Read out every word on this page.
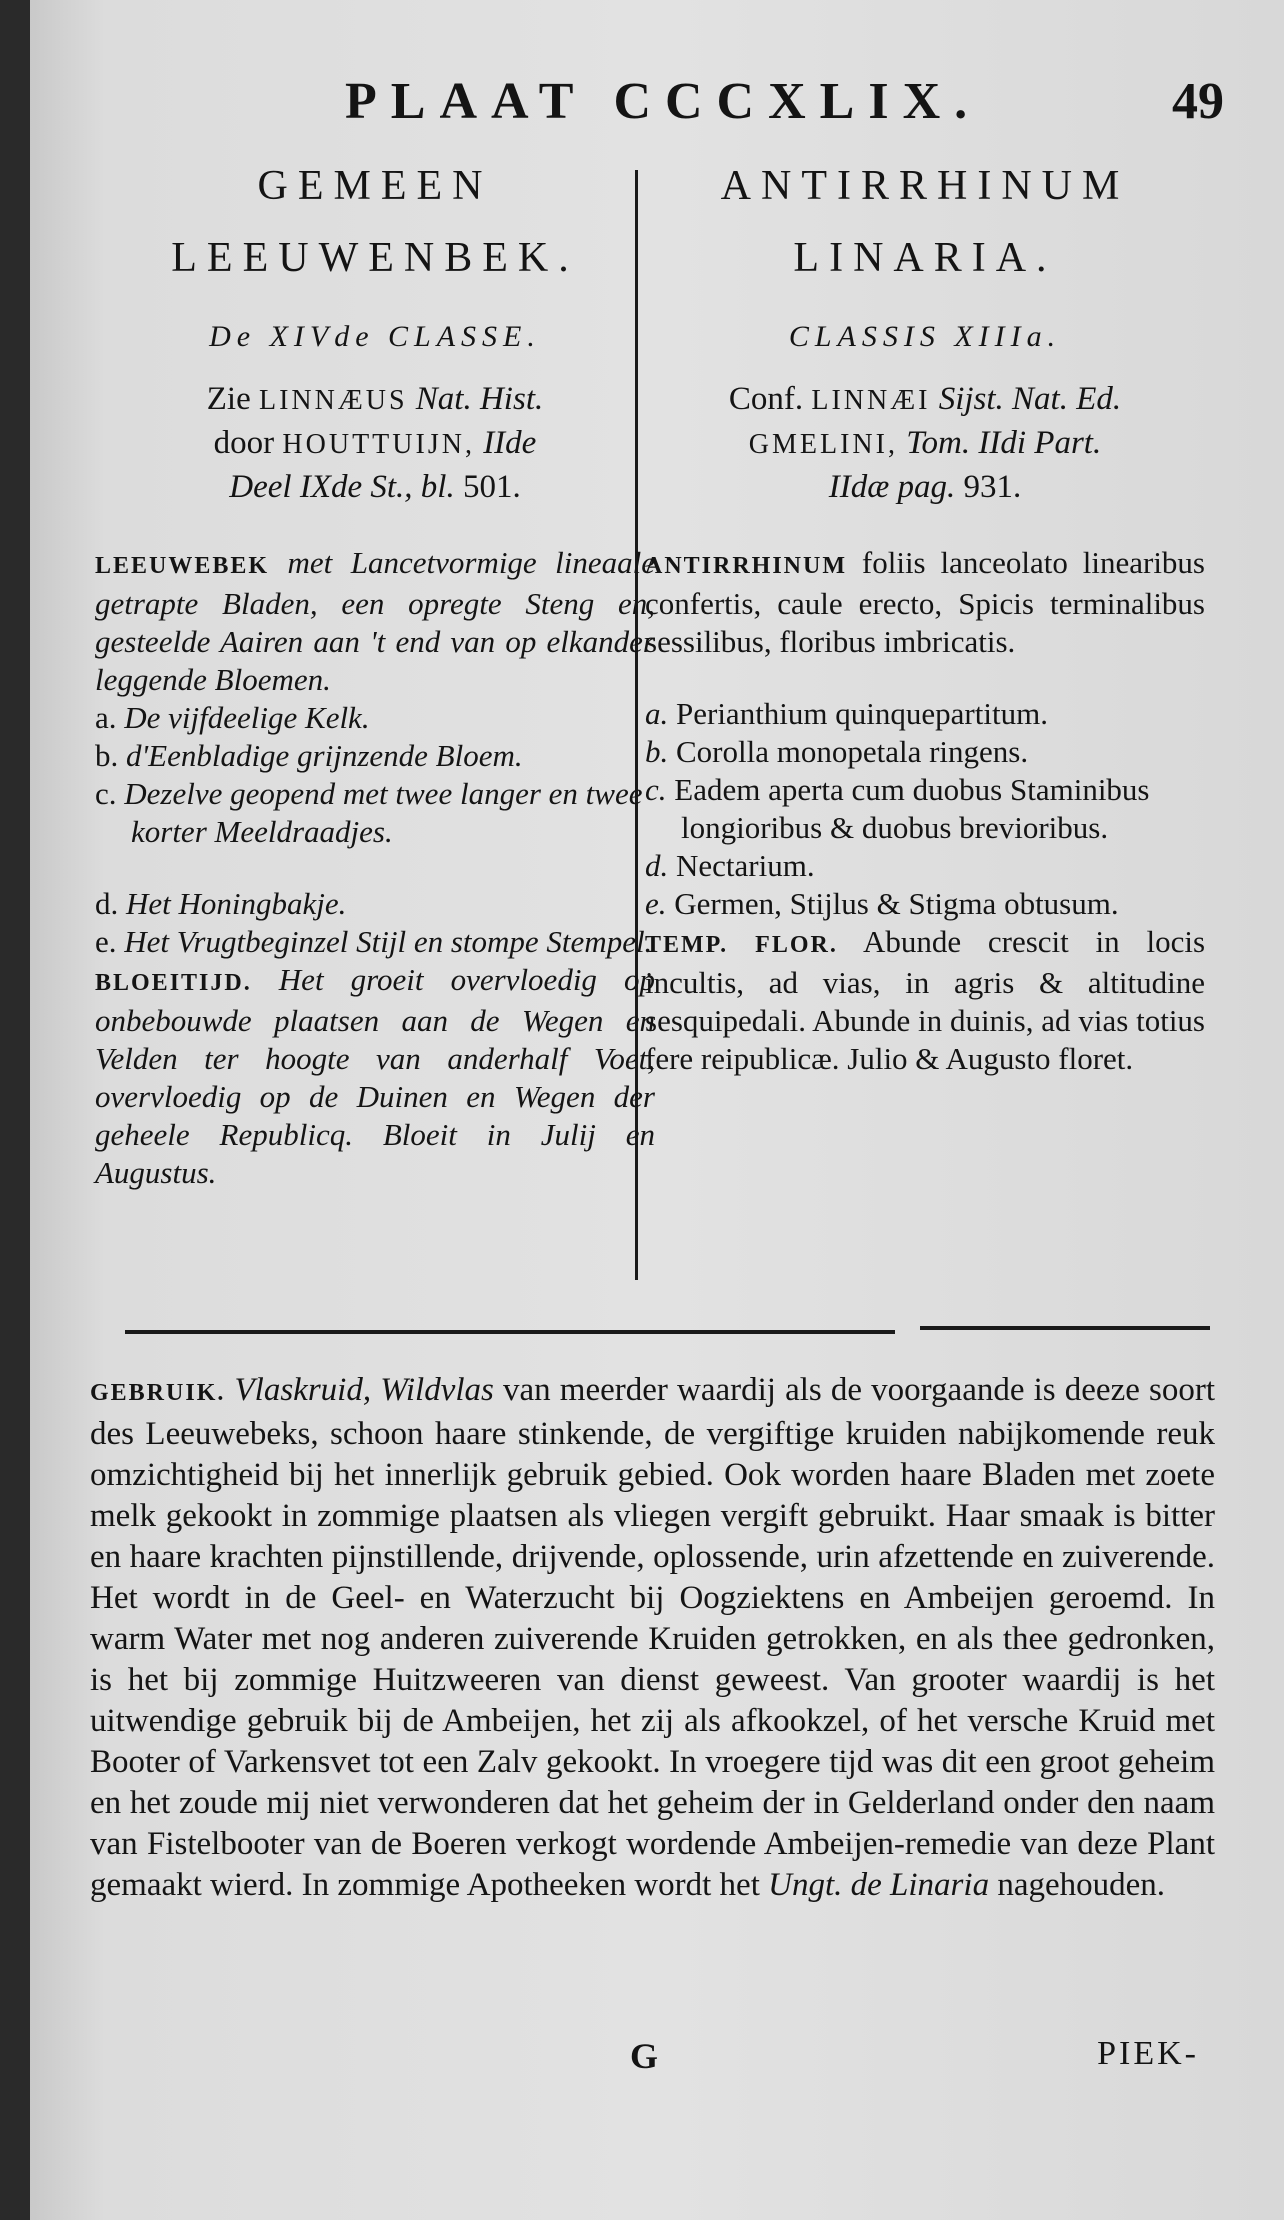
PLAAT CCCXLIX.	49
GEMEEN
LEEUWENBEK.
De XIVde CLASSE.
Zie LINNÆUS Nat. Hist.
door HOUTTUIJN, IIde
Deel IXde St., bl. 501.
LEEUWEBEK met Lancetvormige lineaale getrapte Bladen, een opregte Steng en, gesteelde Aairen aan 't end van op elkander leggende Bloemen.
a. De vijfdeelige Kelk.
b. d'Eenbladige grijnzende Bloem.
c. Dezelve geopend met twee langer en twee korter Meeldraadjes.
d. Het Honingbakje.
e. Het Vrugtbeginzel Stijl en stompe Stempel.
BLOEITIJD. Het groeit overvloedig op onbebouwde plaatsen aan de Wegen en Velden ter hoogte van anderhalf Voet, overvloedig op de Duinen en Wegen der geheele Republicq. Bloeit in Julij en Augustus.
ANTIRRHINUM
LINARIA.
CLASSIS XIIIa.
Conf. LINNÆI Sijst. Nat. Ed.
GMELINI, Tom. IIdi Part.
IIdæ pag. 931.
ANTIRRHINUM foliis lanceolato linearibus confertis, caule erecto, Spicis terminalibus sessilibus, floribus imbricatis.
a. Perianthium quinquepartitum.
b. Corolla monopetala ringens.
c. Eadem aperta cum duobus Staminibus longioribus & duobus brevioribus.
d. Nectarium.
e. Germen, Stijlus & Stigma obtusum.
TEMP. FLOR. Abunde crescit in locis incultis, ad vias, in agris & altitudine sesquipedali. Abunde in duinis, ad vias totius fere reipublicæ. Julio & Augusto floret.
GEBRUIK. Vlaskruid, Wildvlas van meerder waardij als de voorgaande is deeze soort des Leeuwebeks, schoon haare stinkende, de vergiftige kruiden nabijkomende reuk omzichtigheid bij het innerlijk gebruik gebied. Ook worden haare Bladen met zoete melk gekookt in zommige plaatsen als vliegen vergift gebruikt. Haar smaak is bitter en haare krachten pijnstillende, drijvende, oplossende, urin afzettende en zuiverende. Het wordt in de Geel- en Waterzucht bij Oogziektens en Ambeijen geroemd. In warm Water met nog anderen zuiverende Kruiden getrokken, en als thee gedronken, is het bij zommige Huitzweeren van dienst geweest. Van grooter waardij is het uitwendige gebruik bij de Ambeijen, het zij als afkookzel, of het versche Kruid met Booter of Varkensvet tot een Zalv gekookt. In vroegere tijd was dit een groot geheim en het zoude mij niet verwonderen dat het geheim der in Gelderland onder den naam van Fistelbooter van de Boeren verkogt wordende Ambeijen-remedie van deze Plant gemaakt wierd. In zommige Apotheeken wordt het Ungt. de Linaria nagehouden.
G	PIEK-
